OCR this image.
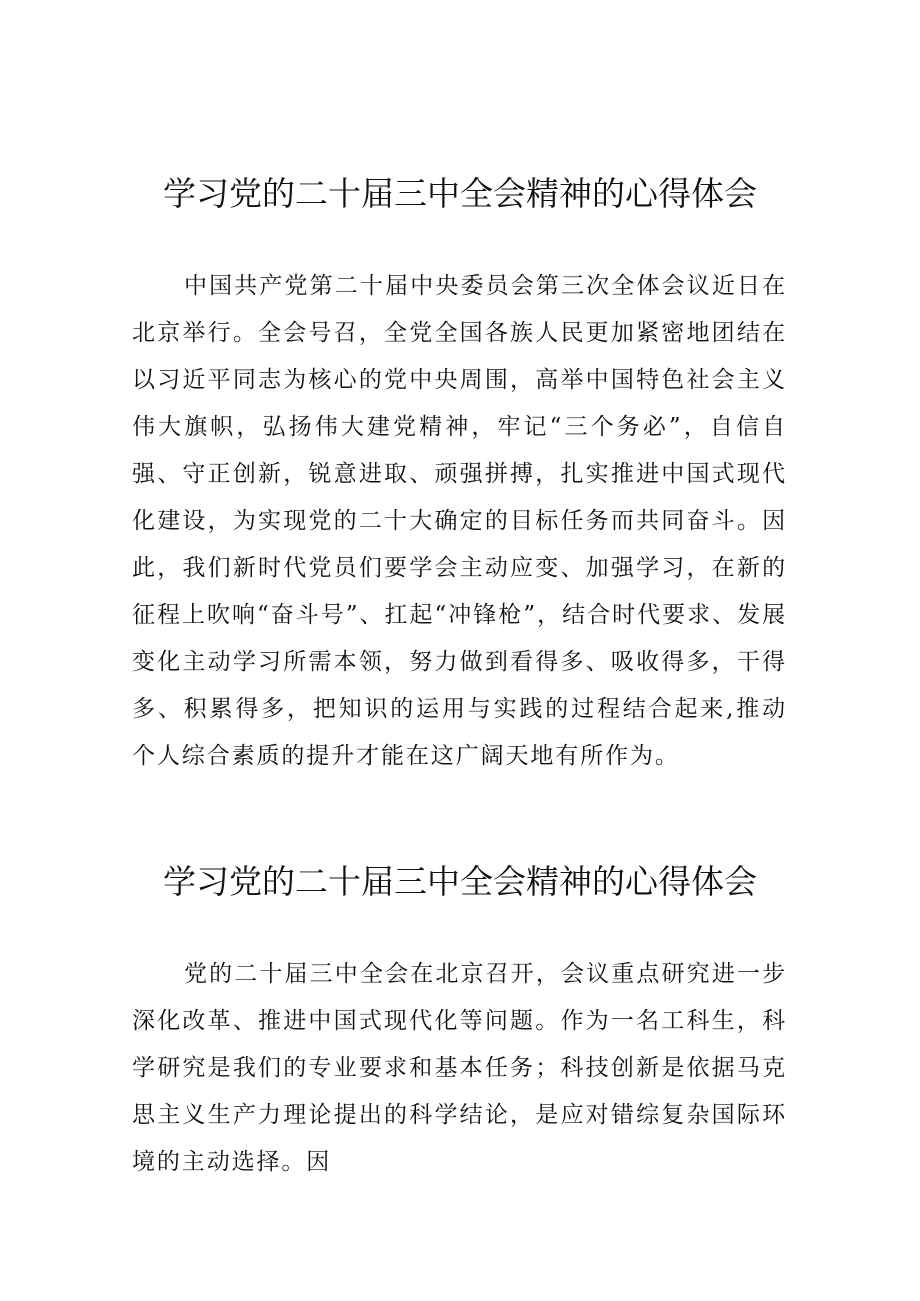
学习党的二十届三中全会精神的心得体会

中国共产党第二十届中央委员会第三次全体会议近日在北京举行。全会号召，全党全国各族人民更加紧密地团结在以习近平同志为核心的党中央周围，高举中国特色社会主义伟大旗帜，弘扬伟大建党精神，牢记“三个务必”，自信自强、守正创新，锐意进取、顽强拼搏，扎实推进中国式现代化建设，为实现党的二十大确定的目标任务而共同奋斗。因此，我们新时代党员们要学会主动应变、加强学习，在新的征程上吹响“奋斗号”、扛起“冲锋枪”，结合时代要求、发展变化主动学习所需本领，努力做到看得多、吸收得多，干得多、积累得多，把知识的运用与实践的过程结合起来,推动个人综合素质的提升才能在这广阔天地有所作为。

学习党的二十届三中全会精神的心得体会

党的二十届三中全会在北京召开，会议重点研究进一步深化改革、推进中国式现代化等问题。作为一名工科生，科学研究是我们的专业要求和基本任务；科技创新是依据马克思主义生产力理论提出的科学结论，是应对错综复杂国际环境的主动选择。因
